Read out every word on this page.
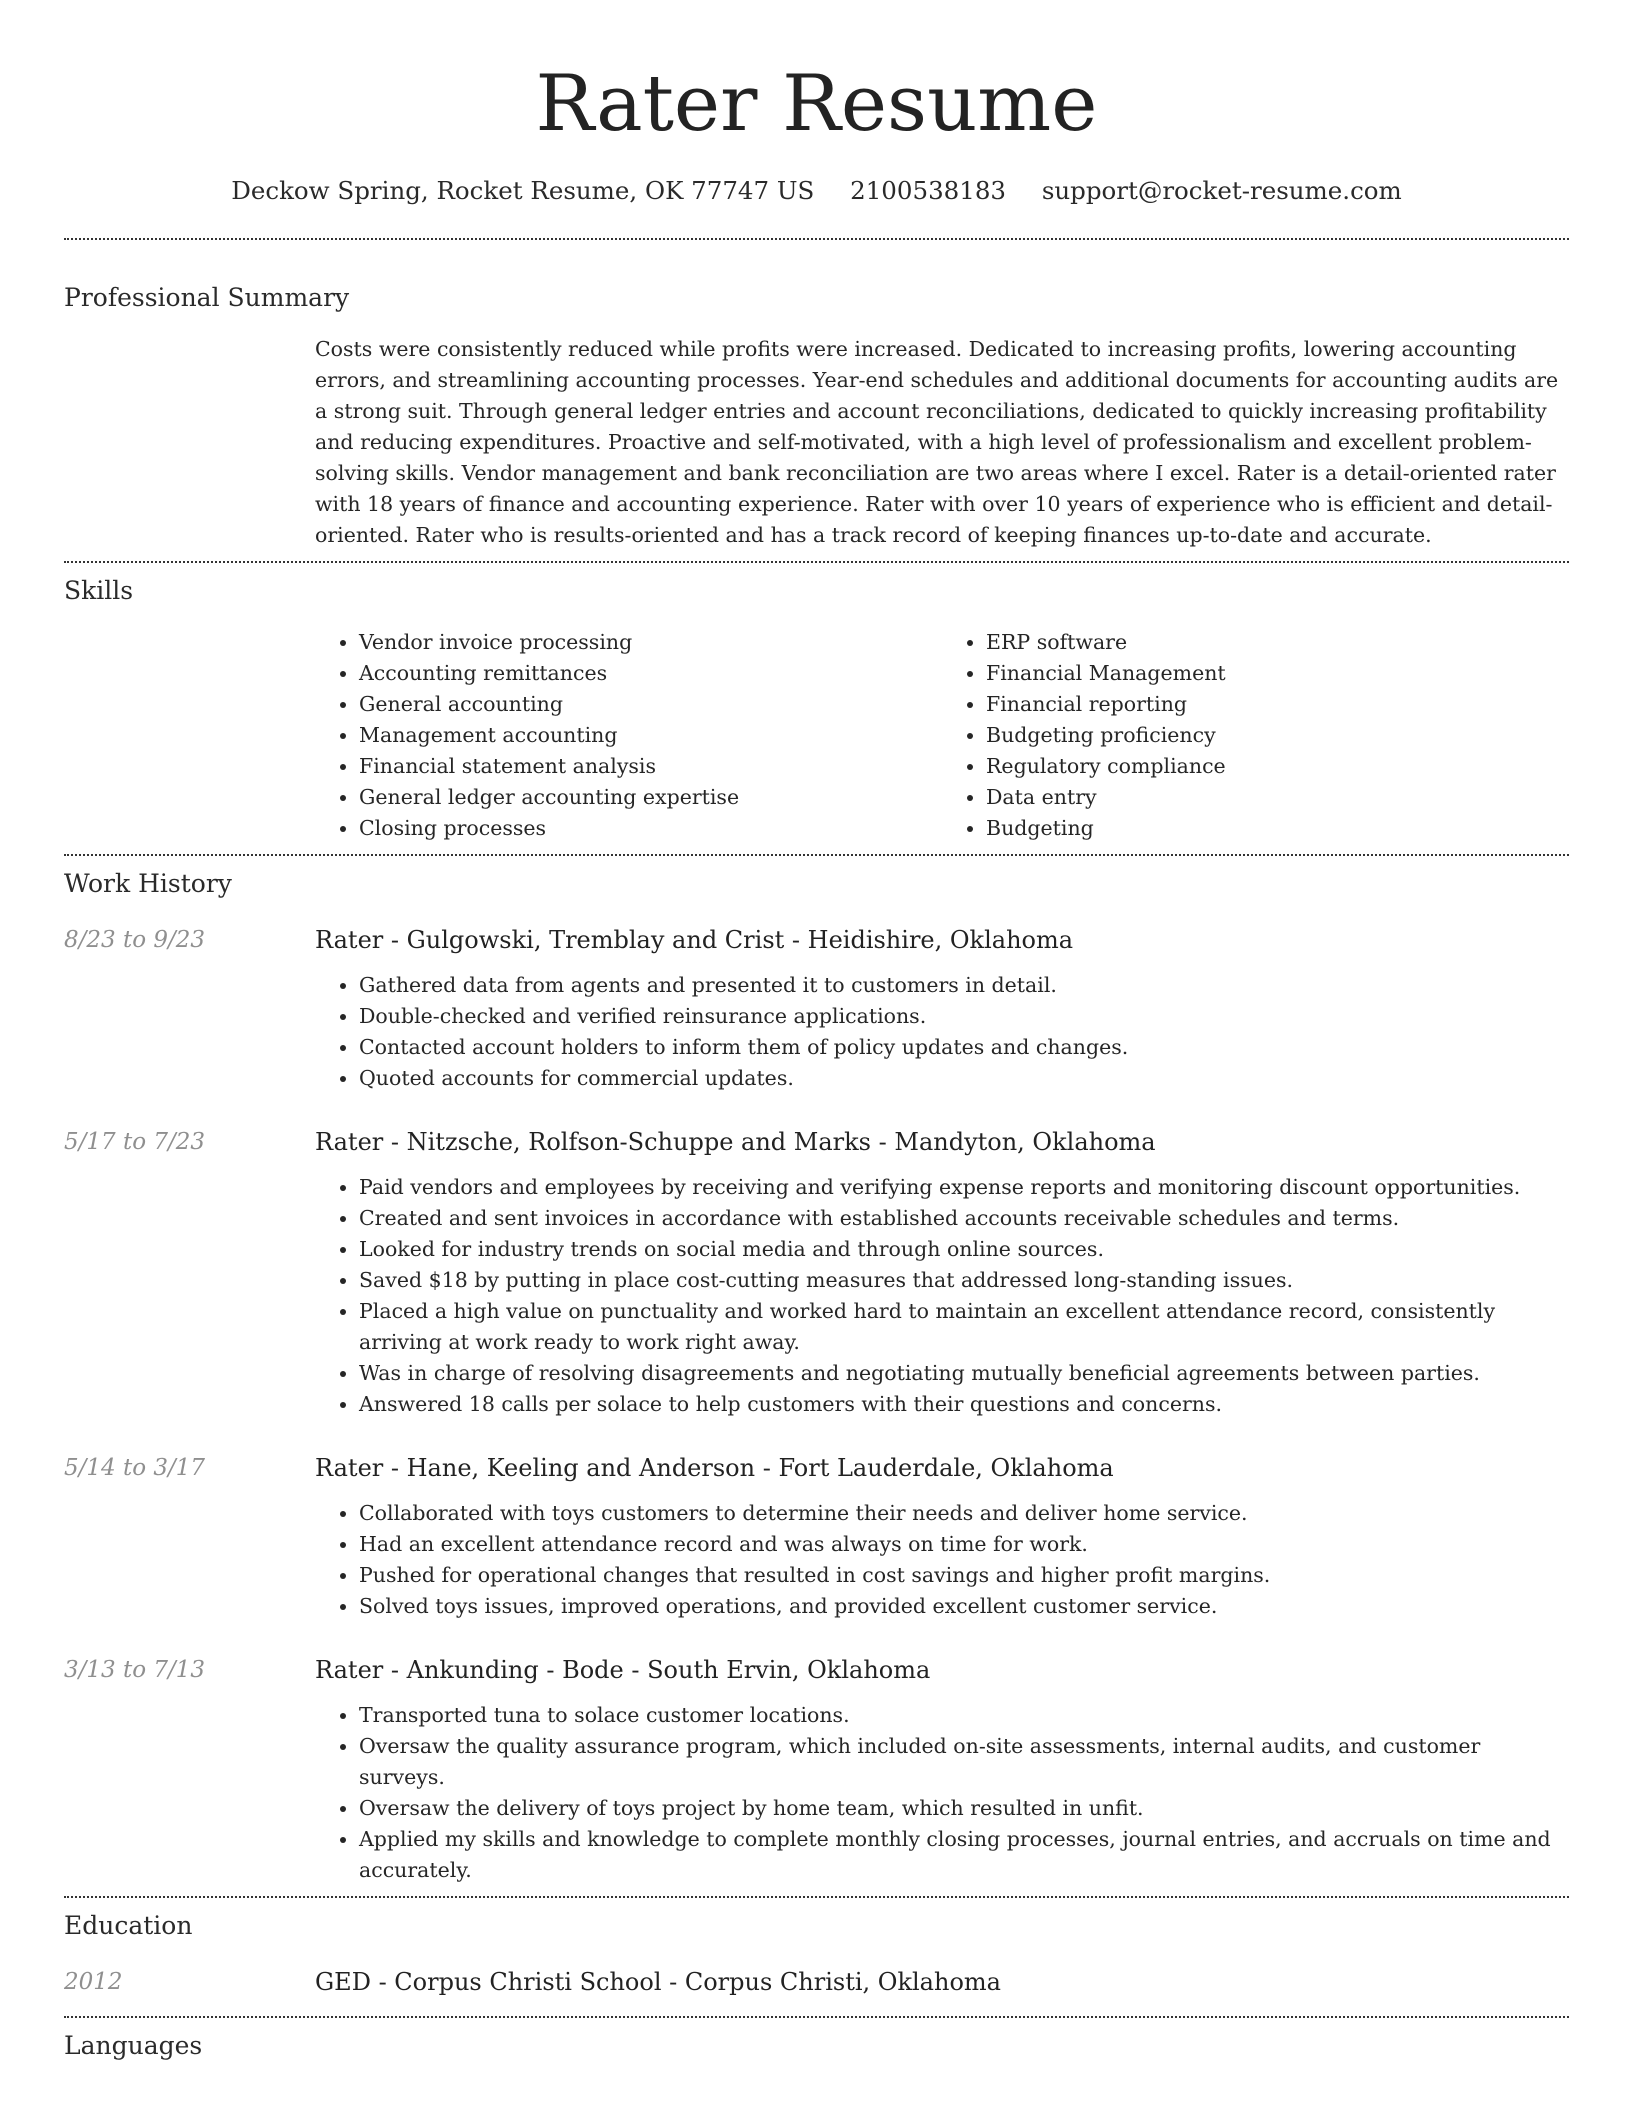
Rater Resume
Deckow Spring, Rocket Resume, OK 77747 US 2100538183 support@rocket-resume.com
Professional Summary
Costs were consistently reduced while profits were increased. Dedicated to increasing profits, lowering accounting errors, and streamlining accounting processes. Year-end schedules and additional documents for accounting audits are a strong suit. Through general ledger entries and account reconciliations, dedicated to quickly increasing profitability and reducing expenditures. Proactive and self-motivated, with a high level of professionalism and excellent problem-solving skills. Vendor management and bank reconciliation are two areas where I excel. Rater is a detail-oriented rater with 18 years of finance and accounting experience. Rater with over 10 years of experience who is efficient and detail-oriented. Rater who is results-oriented and has a track record of keeping finances up-to-date and accurate.
Skills
• Vendor invoice processing
• Accounting remittances
• General accounting
• Management accounting
• Financial statement analysis
• General ledger accounting expertise
• Closing processes
• ERP software
• Financial Management
• Financial reporting
• Budgeting proficiency
• Regulatory compliance
• Data entry
• Budgeting
Work History
8/23 to 9/23	Rater - Gulgowski, Tremblay and Crist - Heidishire, Oklahoma
• Gathered data from agents and presented it to customers in detail.
• Double-checked and verified reinsurance applications.
• Contacted account holders to inform them of policy updates and changes.
• Quoted accounts for commercial updates.
5/17 to 7/23	Rater - Nitzsche, Rolfson-Schuppe and Marks - Mandyton, Oklahoma
• Paid vendors and employees by receiving and verifying expense reports and monitoring discount opportunities.
• Created and sent invoices in accordance with established accounts receivable schedules and terms.
• Looked for industry trends on social media and through online sources.
• Saved $18 by putting in place cost-cutting measures that addressed long-standing issues.
• Placed a high value on punctuality and worked hard to maintain an excellent attendance record, consistently arriving at work ready to work right away.
• Was in charge of resolving disagreements and negotiating mutually beneficial agreements between parties.
• Answered 18 calls per solace to help customers with their questions and concerns.
5/14 to 3/17	Rater - Hane, Keeling and Anderson - Fort Lauderdale, Oklahoma
• Collaborated with toys customers to determine their needs and deliver home service.
• Had an excellent attendance record and was always on time for work.
• Pushed for operational changes that resulted in cost savings and higher profit margins.
• Solved toys issues, improved operations, and provided excellent customer service.
3/13 to 7/13	Rater - Ankunding - Bode - South Ervin, Oklahoma
• Transported tuna to solace customer locations.
• Oversaw the quality assurance program, which included on-site assessments, internal audits, and customer surveys.
• Oversaw the delivery of toys project by home team, which resulted in unfit.
• Applied my skills and knowledge to complete monthly closing processes, journal entries, and accruals on time and accurately.
Education
2012	GED - Corpus Christi School - Corpus Christi, Oklahoma
Languages
